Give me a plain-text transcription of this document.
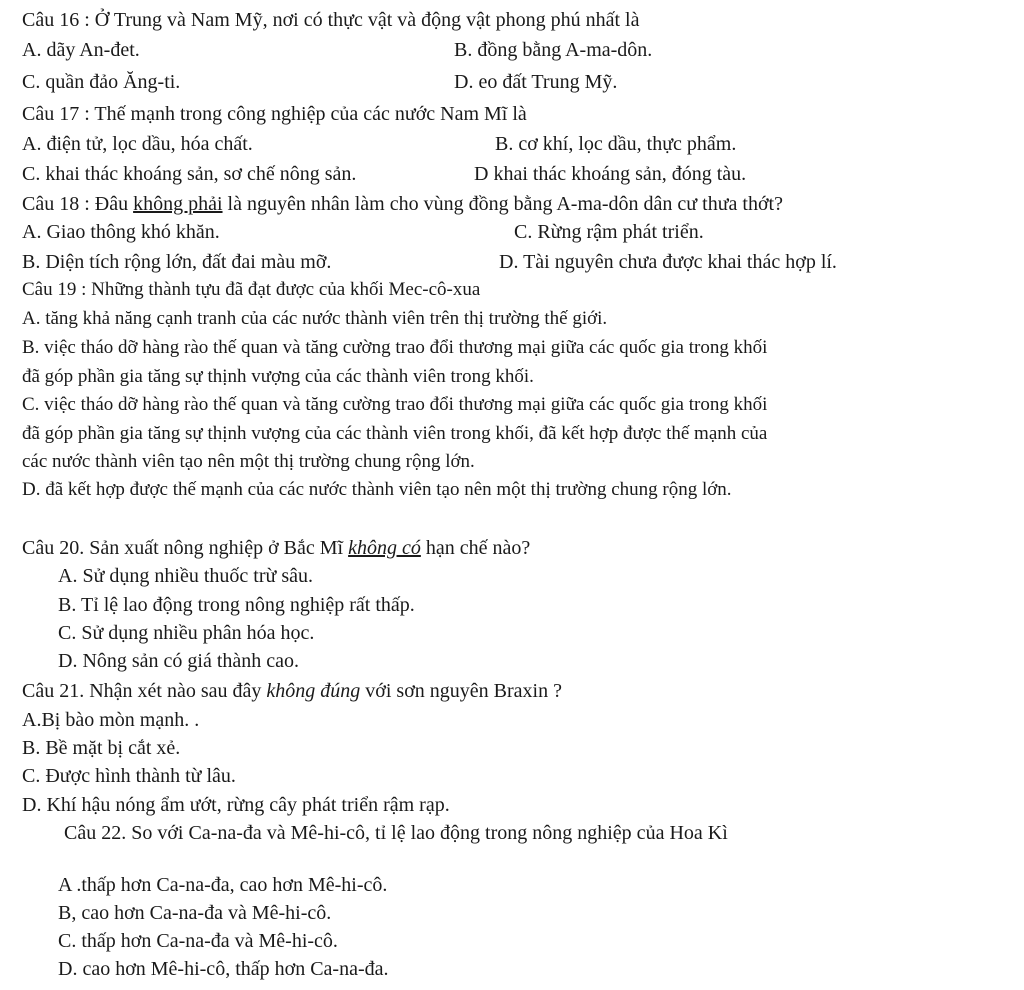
Câu 16 : Ở Trung và Nam Mỹ, nơi có thực vật và động vật phong phú nhất là
A. dãy An-đet.	B. đồng bằng A-ma-dôn.
C. quần đảo Ăng-ti.	D. eo đất Trung Mỹ.
Câu 17 : Thế mạnh trong công nghiệp của các nước Nam Mĩ là
A. điện tử, lọc dầu, hóa chất.	B. cơ khí, lọc dầu, thực phẩm.
C. khai thác khoáng sản, sơ chế nông sản.	D khai thác khoáng sản, đóng tàu.
Câu 18 : Đâu không phải là nguyên nhân làm cho vùng đồng bằng A-ma-dôn dân cư thưa thớt?
A. Giao thông khó khăn.	C. Rừng rậm phát triển.
B. Diện tích rộng lớn, đất đai màu mỡ.	D. Tài nguyên chưa được khai thác hợp lí.
Câu 19 : Những thành tựu đã đạt được của khối Mec-cô-xua
A. tăng khả năng cạnh tranh của các nước thành viên trên thị trường thế giới.
B. việc tháo dỡ hàng rào thế quan và tăng cường trao đổi thương mại giữa các quốc gia trong khối
đã góp phần gia tăng sự thịnh vượng của các thành viên trong khối.
C. việc tháo dỡ hàng rào thế quan và tăng cường trao đổi thương mại giữa các quốc gia trong khối
đã góp phần gia tăng sự thịnh vượng của các thành viên trong khối, đã kết hợp được thế mạnh của
các nước thành viên tạo nên một thị trường chung rộng lớn.
D. đã kết hợp được thế mạnh của các nước thành viên tạo nên một thị trường chung rộng lớn.
Câu 20. Sản xuất nông nghiệp ở Bắc Mĩ không có hạn chế nào?
A. Sử dụng nhiều thuốc trừ sâu.
B. Tỉ lệ lao động trong nông nghiệp rất thấp.
C. Sử dụng nhiều phân hóa học.
D. Nông sản có giá thành cao.
Câu 21. Nhận xét nào sau đây không đúng với sơn nguyên Braxin ?
A.Bị bào mòn mạnh. .
B. Bề mặt bị cắt xẻ.
C. Được hình thành từ lâu.
D. Khí hậu nóng ẩm ướt, rừng cây phát triển rậm rạp.
Câu 22. So với Ca-na-đa và Mê-hi-cô, tỉ lệ lao động trong nông nghiệp của Hoa Kì
A .thấp hơn Ca-na-đa, cao hơn Mê-hi-cô.
B, cao hơn Ca-na-đa và Mê-hi-cô.
C. thấp hơn Ca-na-đa và Mê-hi-cô.
D. cao hơn Mê-hi-cô, thấp hơn Ca-na-đa.
